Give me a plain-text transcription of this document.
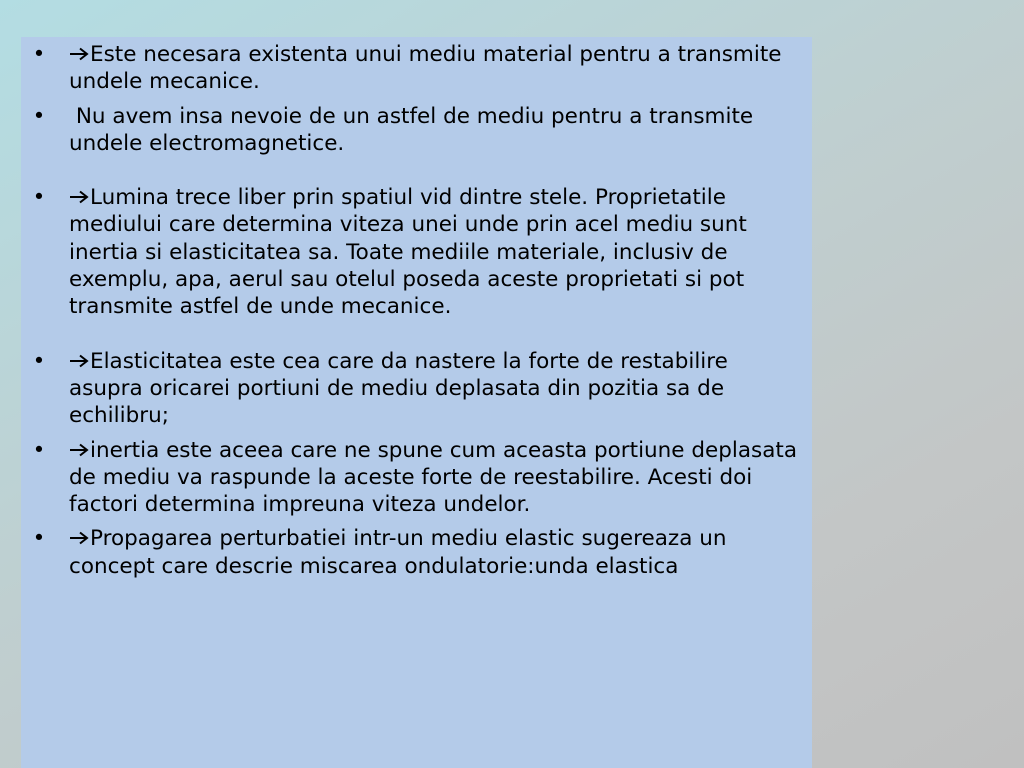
• Este necesara existenta unui mediu material pentru a transmite undele mecanice.
• Nu avem insa nevoie de un astfel de mediu pentru a transmite undele electromagnetice.
• Lumina trece liber prin spatiul vid dintre stele. Proprietatile mediului care determina viteza unei unde prin acel mediu sunt inertia si elasticitatea sa. Toate mediile materiale, inclusiv de exemplu, apa, aerul sau otelul poseda aceste proprietati si pot transmite astfel de unde mecanice.
• Elasticitatea este cea care da nastere la forte de restabilire asupra oricarei portiuni de mediu deplasata din pozitia sa de echilibru;
• inertia este aceea care ne spune cum aceasta portiune deplasata de mediu va raspunde la aceste forte de reestabilire. Acesti doi factori determina impreuna viteza undelor.
• Propagarea perturbatiei intr-un mediu elastic sugereaza un concept care descrie miscarea ondulatorie:unda elastica
